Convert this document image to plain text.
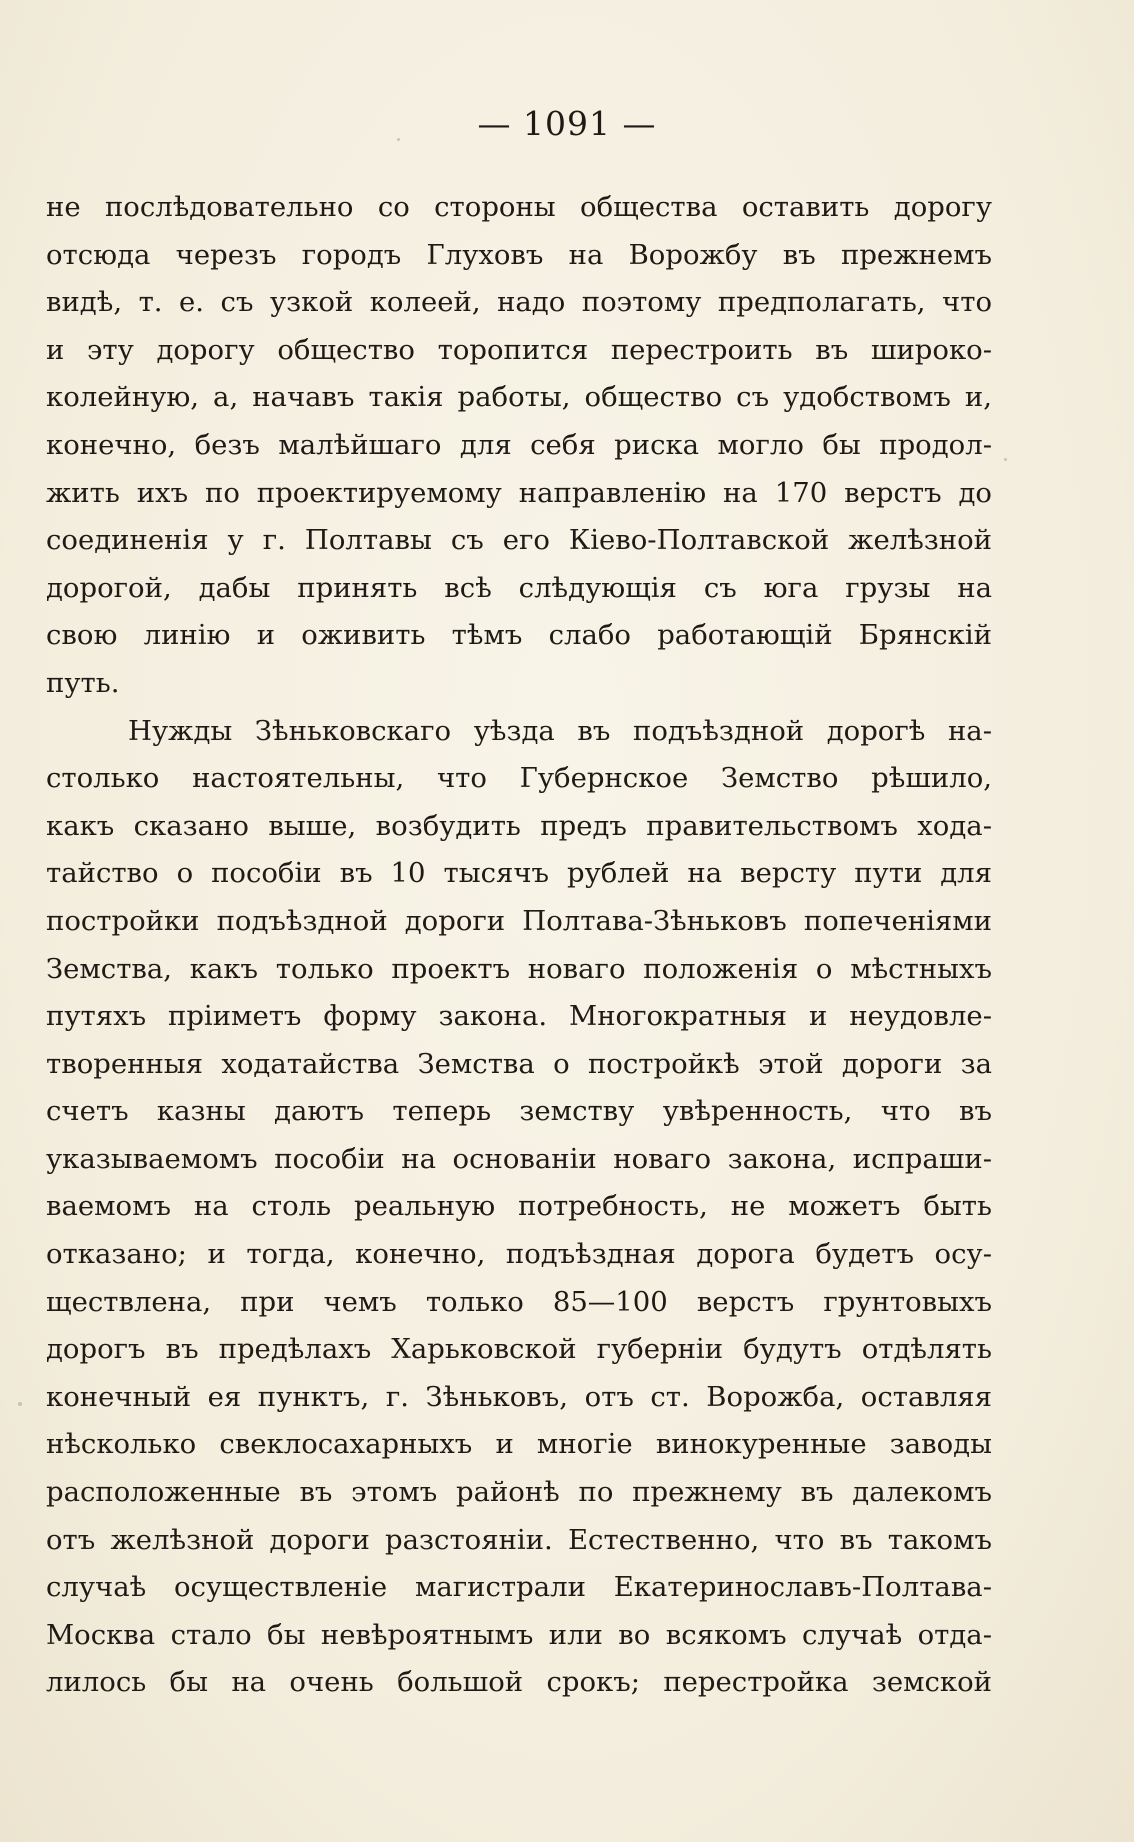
— 1091 —
не послѣдовательно со стороны общества оставить дорогу
отсюда черезъ городъ Глуховъ на Ворожбу въ прежнемъ
видѣ, т. е. съ узкой колеей, надо поэтому предполагать, что
и эту дорогу общество торопится перестроить въ широко-
колейную, а, начавъ такія работы, общество съ удобствомъ и,
конечно, безъ малѣйшаго для себя риска могло бы продол-
жить ихъ по проектируемому направленію на 170 верстъ до
соединенія у г. Полтавы съ его Кіево-Полтавской желѣзной
дорогой, дабы принять всѣ слѣдующія съ юга грузы на
свою линію и оживить тѣмъ слабо работающій Брянскій
путь.
Нужды Зѣньковскаго уѣзда въ подъѣздной дорогѣ на-
столько настоятельны, что Губернское Земство рѣшило,
какъ сказано выше, возбудить предъ правительствомъ хода-
тайство о пособіи въ 10 тысячъ рублей на версту пути для
постройки подъѣздной дороги Полтава-Зѣньковъ попеченіями
Земства, какъ только проектъ новаго положенія о мѣстныхъ
путяхъ пріиметъ форму закона. Многократныя и неудовле-
творенныя ходатайства Земства о постройкѣ этой дороги за
счетъ казны даютъ теперь земству увѣренность, что въ
указываемомъ пособіи на основаніи новаго закона, испраши-
ваемомъ на столь реальную потребность, не можетъ быть
отказано; и тогда, конечно, подъѣздная дорога будетъ осу-
ществлена, при чемъ только 85—100 верстъ грунтовыхъ
дорогъ въ предѣлахъ Харьковской губерніи будутъ отдѣлять
конечный ея пунктъ, г. Зѣньковъ, отъ ст. Ворожба, оставляя
нѣсколько свеклосахарныхъ и многіе винокуренные заводы
расположенные въ этомъ районѣ по прежнему въ далекомъ
отъ желѣзной дороги разстояніи. Естественно, что въ такомъ
случаѣ осуществленіе магистрали Екатеринославъ-Полтава-
Москва стало бы невѣроятнымъ или во всякомъ случаѣ отда-
лилось бы на очень большой срокъ; перестройка земской
